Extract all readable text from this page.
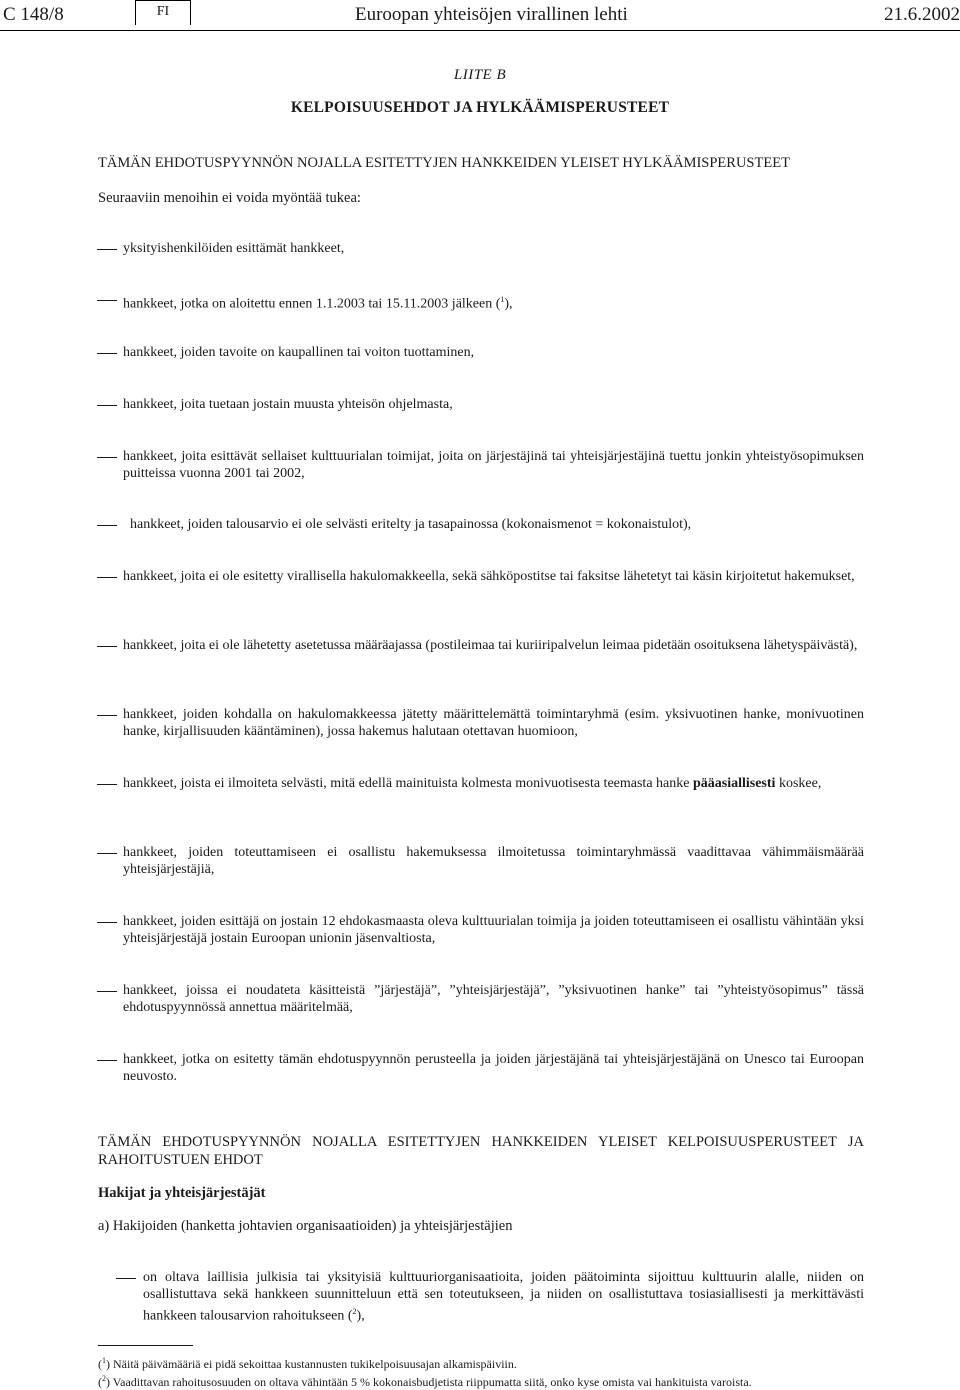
C 148/8	FI	Euroopan yhteisöjen virallinen lehti	21.6.2002
LIITE B
KELPOISUUSEHDOT JA HYLKÄÄMISPERUSTEET
TÄMÄN EHDOTUSPYYNNÖN NOJALLA ESITETTYJEN HANKKEIDEN YLEISET HYLKÄÄMISPERUSTEET
Seuraaviin menoihin ei voida myöntää tukea:
yksityishenkilöiden esittämät hankkeet,
hankkeet, jotka on aloitettu ennen 1.1.2003 tai 15.11.2003 jälkeen ($^1$),
hankkeet, joiden tavoite on kaupallinen tai voiton tuottaminen,
hankkeet, joita tuetaan jostain muusta yhteisön ohjelmasta,
hankkeet, joita esittävät sellaiset kulttuurialan toimijat, joita on järjestäjinä tai yhteisjärjestäjinä tuettu jonkin yhteistyösopimuksen puitteissa vuonna 2001 tai 2002,
hankkeet, joiden talousarvio ei ole selvästi eritelty ja tasapainossa (kokonaismenot = kokonaistulot),
hankkeet, joita ei ole esitetty virallisella hakulomakkeella, sekä sähköpostitse tai faksitse lähetetyt tai käsin kirjoitetut hakemukset,
hankkeet, joita ei ole lähetetty asetetussa määräajassa (postileimaa tai kuriiripalvelun leimaa pidetään osoituksena lähetyspäivästä),
hankkeet, joiden kohdalla on hakulomakkeessa jätetty määrittelemättä toimintaryhmä (esim. yksivuotinen hanke, monivuotinen hanke, kirjallisuuden kääntäminen), jossa hakemus halutaan otettavan huomioon,
hankkeet, joista ei ilmoiteta selvästi, mitä edellä mainituista kolmesta monivuotisesta teemasta hanke pääasiallisesti koskee,
hankkeet, joiden toteuttamiseen ei osallistu hakemuksessa ilmoitetussa toimintaryhmässä vaadittavaa vähimmäismäärää yhteisjärjestäjiä,
hankkeet, joiden esittäjä on jostain 12 ehdokasmaasta oleva kulttuurialan toimija ja joiden toteuttamiseen ei osallistu vähintään yksi yhteisjärjestäjä jostain Euroopan unionin jäsenvaltiosta,
hankkeet, joissa ei noudateta käsitteistä ”järjestäjä”, ”yhteisjärjestäjä”, ”yksivuotinen hanke” tai ”yhteistyösopimus” tässä ehdotuspyynnössä annettua määritelmää,
hankkeet, jotka on esitetty tämän ehdotuspyynnön perusteella ja joiden järjestäjänä tai yhteisjärjestäjänä on Unesco tai Euroopan neuvosto.
TÄMÄN EHDOTUSPYYNNÖN NOJALLA ESITETTYJEN HANKKEIDEN YLEISET KELPOISUUSPERUSTEET JA RAHOITUSTUEN EHDOT
Hakijat ja yhteisjärjestäjät
a) Hakijoiden (hanketta johtavien organisaatioiden) ja yhteisjärjestäjien
on oltava laillisia julkisia tai yksityisiä kulttuuriorganisaatioita, joiden päätoiminta sijoittuu kulttuurin alalle, niiden on osallistuttava sekä hankkeen suunnitteluun että sen toteutukseen, ja niiden on osallistuttava tosiasiallisesti ja merkittävästi hankkeen talousarvion rahoitukseen ($^2$),
($^1$) Näitä päivämääriä ei pidä sekoittaa kustannusten tukikelpoisuusajan alkamispäiviin.
($^2$) Vaadittavan rahoitusosuuden on oltava vähintään 5 % kokonaisbudjetista riippumatta siitä, onko kyse omista vai hankituista varoista.
